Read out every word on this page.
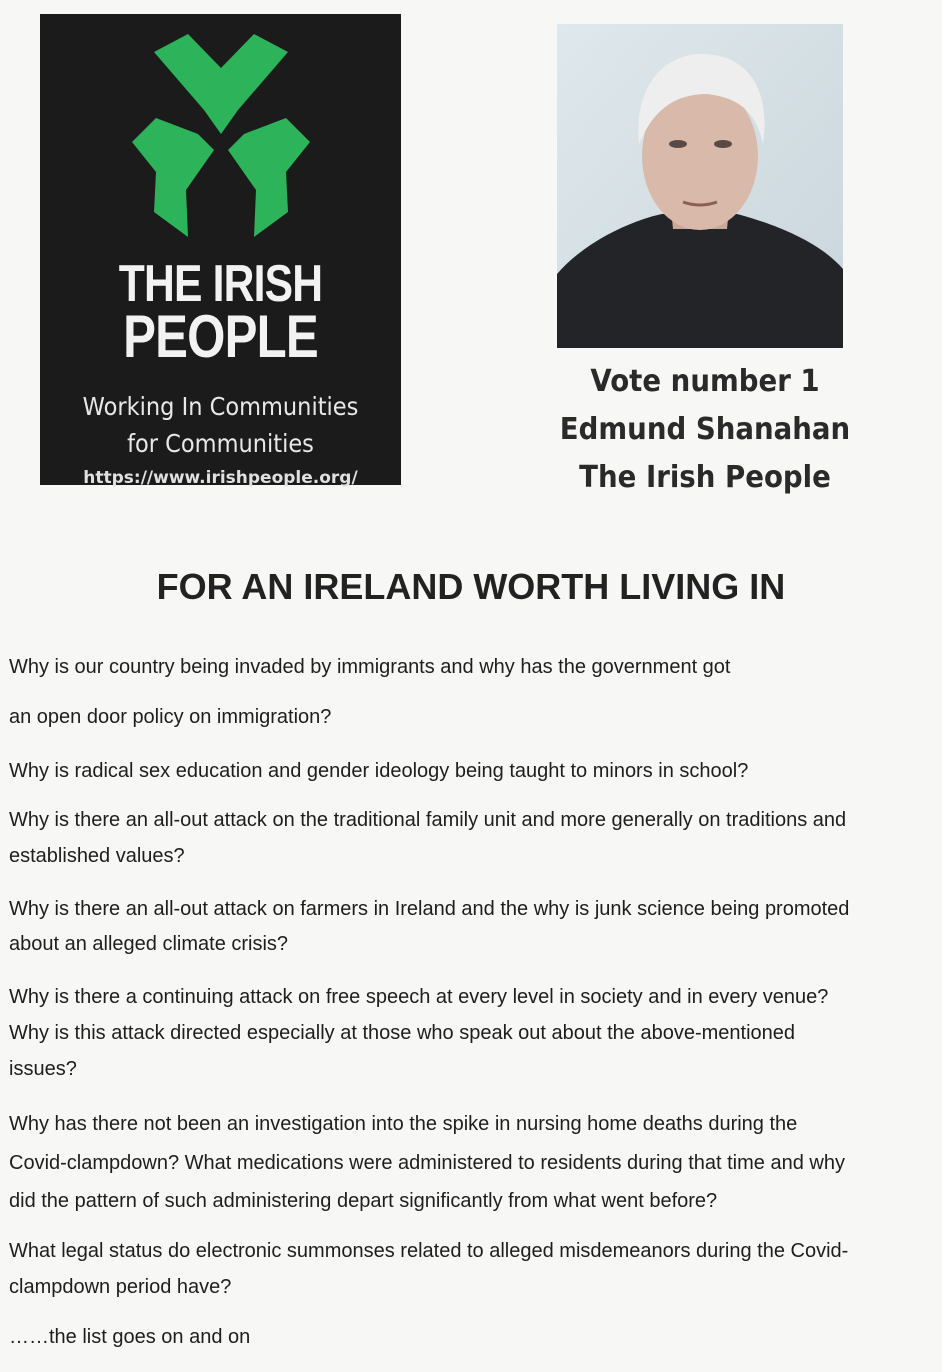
THE IRISH
PEOPLE
Working In Communities
for Communities
https://www.irishpeople.org/
Vote number 1
Edmund Shanahan
The Irish People
FOR AN IRELAND WORTH LIVING IN
Why is our country being invaded by immigrants and why has the government got
an open door policy on immigration?
Why is radical sex education and gender ideology being taught to minors in school?
Why is there an all-out attack on the traditional family unit and more generally on traditions and
established values?
Why is there an all-out attack on farmers in Ireland and the why is junk science being promoted
about an alleged climate crisis?
Why is there a continuing attack on free speech at every level in society and in every venue?
Why is this attack directed especially at those who speak out about the above-mentioned
issues?
Why has there not been an investigation into the spike in nursing home deaths during the
Covid-clampdown? What medications were administered to residents during that time and why
did the pattern of such administering depart significantly from what went before?
What legal status do electronic summonses related to alleged misdemeanors during the Covid-
clampdown period have?
……the list goes on and on
